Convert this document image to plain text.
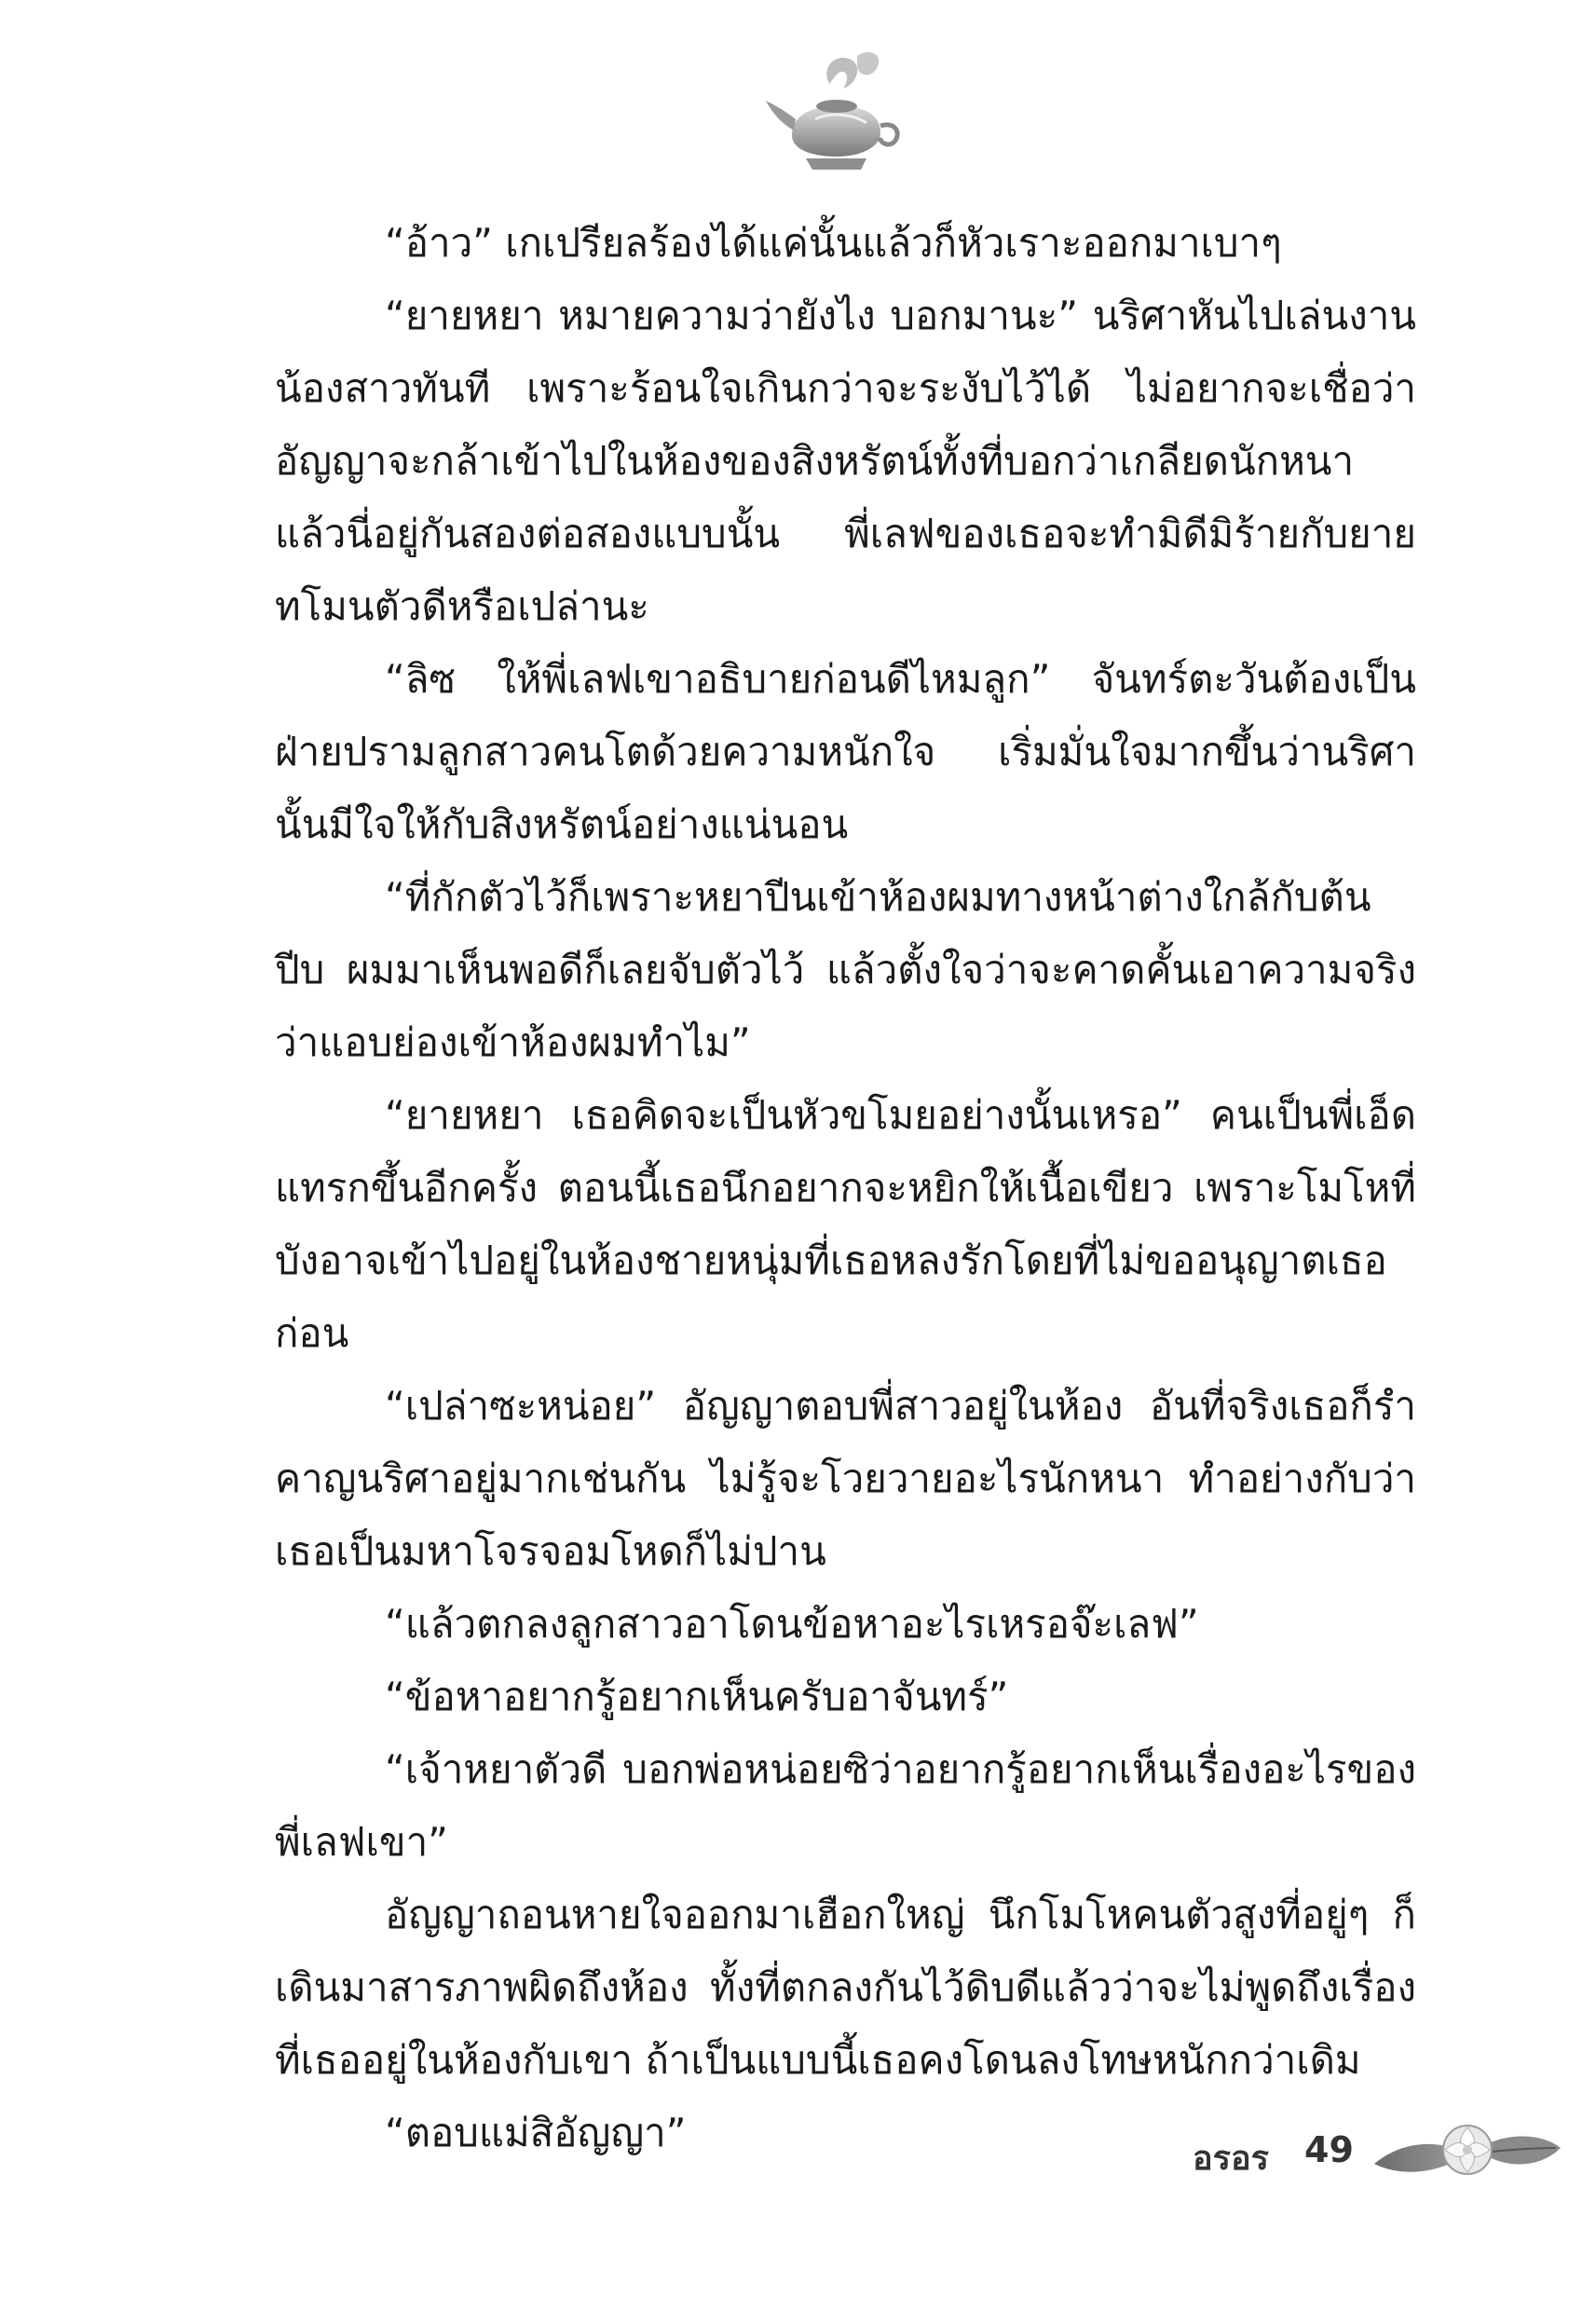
“อ้าว” เกเปรียลร้องได้แค่นั้นแล้วก็หัวเราะออกมาเบาๆ

“ยายหยา หมายความว่ายังไง บอกมานะ” นริศาหันไปเล่นงานน้องสาวทันที เพราะร้อนใจเกินกว่าจะระงับไว้ได้ ไม่อยากจะเชื่อว่าอัญญาจะกล้าเข้าไปในห้องของสิงหรัตน์ทั้งที่บอกว่าเกลียดนักหนาแล้วนี่อยู่กันสองต่อสองแบบนั้น พี่เลฟของเธอจะทำมิดีมิร้ายกับยายทโมนตัวดีหรือเปล่านะ

“ลิซ ให้พี่เลฟเขาอธิบายก่อนดีไหมลูก” จันทร์ตะวันต้องเป็นฝ่ายปรามลูกสาวคนโตด้วยความหนักใจ เริ่มมั่นใจมากขึ้นว่านริศานั้นมีใจให้กับสิงหรัตน์อย่างแน่นอน

“ที่กักตัวไว้ก็เพราะหยาปีนเข้าห้องผมทางหน้าต่างใกล้กับต้นปีบ ผมมาเห็นพอดีก็เลยจับตัวไว้ แล้วตั้งใจว่าจะคาดคั้นเอาความจริงว่าแอบย่องเข้าห้องผมทำไม”

“ยายหยา เธอคิดจะเป็นหัวขโมยอย่างนั้นเหรอ” คนเป็นพี่เอ็ดแทรกขึ้นอีกครั้ง ตอนนี้เธอนึกอยากจะหยิกให้เนื้อเขียว เพราะโมโหที่บังอาจเข้าไปอยู่ในห้องชายหนุ่มที่เธอหลงรักโดยที่ไม่ขออนุญาตเธอก่อน

“เปล่าซะหน่อย” อัญญาตอบพี่สาวอยู่ในห้อง อันที่จริงเธอก็รำคาญนริศาอยู่มากเช่นกัน ไม่รู้จะโวยวายอะไรนักหนา ทำอย่างกับว่าเธอเป็นมหาโจรจอมโหดก็ไม่ปาน

“แล้วตกลงลูกสาวอาโดนข้อหาอะไรเหรอจ๊ะเลฟ”

“ข้อหาอยากรู้อยากเห็นครับอาจันทร์”

“เจ้าหยาตัวดี บอกพ่อหน่อยซิว่าอยากรู้อยากเห็นเรื่องอะไรของพี่เลฟเขา”

อัญญาถอนหายใจออกมาเฮือกใหญ่ นึกโมโหคนตัวสูงที่อยู่ๆ ก็เดินมาสารภาพผิดถึงห้อง ทั้งที่ตกลงกันไว้ดิบดีแล้วว่าจะไม่พูดถึงเรื่องที่เธออยู่ในห้องกับเขา ถ้าเป็นแบบนี้เธอคงโดนลงโทษหนักกว่าเดิม

“ตอบแม่สิอัญญา”

อรอร 49
